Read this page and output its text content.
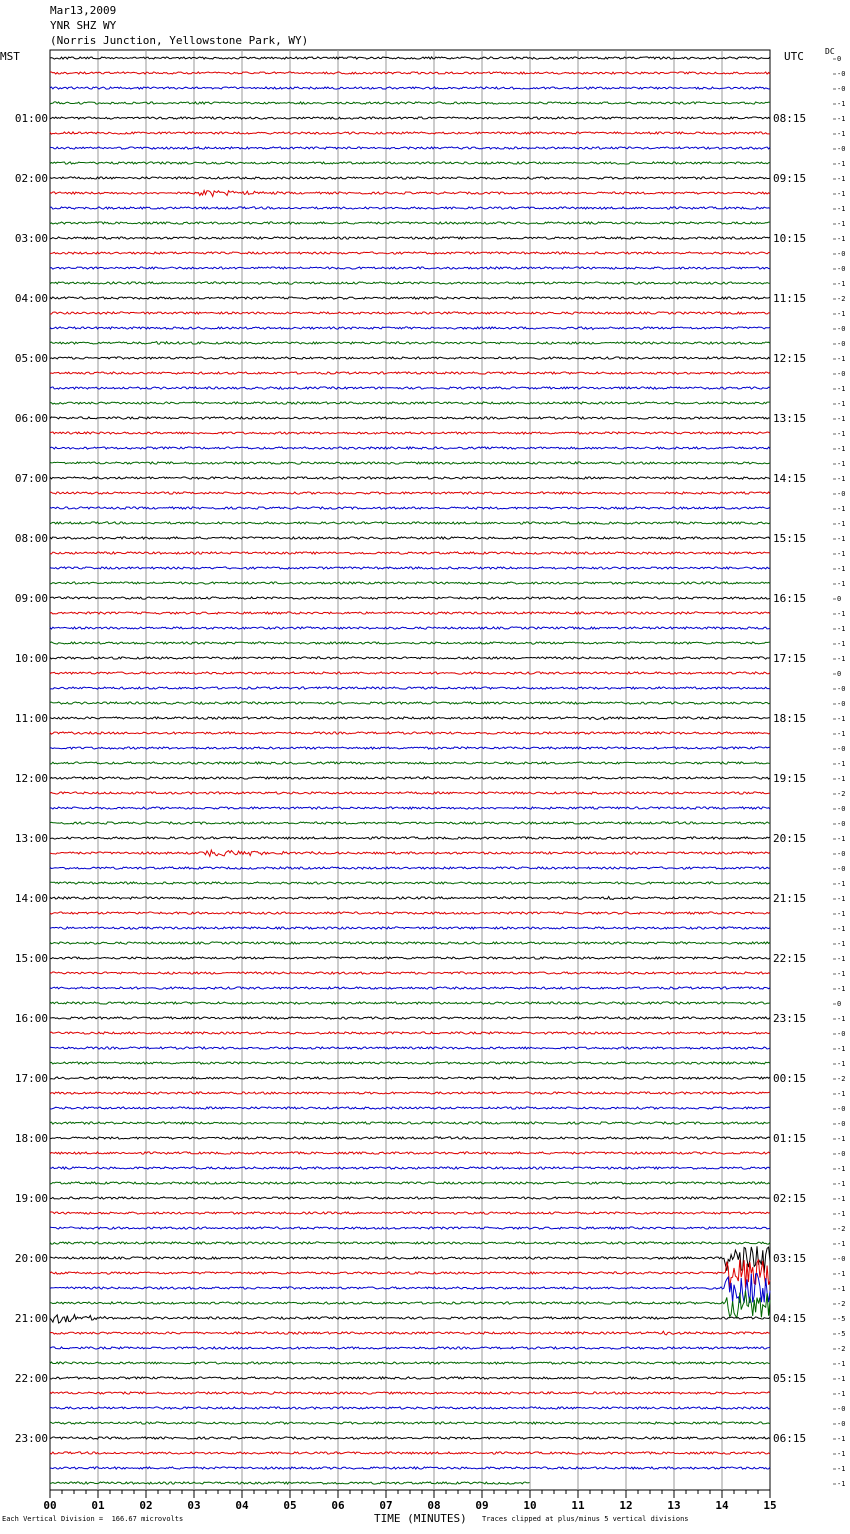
Mar13,2009
YNR SHZ WY
(Norris Junction, Yellowstone Park, WY)
MST	UTC	DC
00	01	02	03	04	05	06	07	08	09	10	11	12	13	14	15
01:00
02:00
03:00
04:00
05:00
06:00
07:00
08:00
09:00
10:00
11:00
12:00
13:00
14:00
15:00
16:00
17:00
18:00
19:00
20:00
21:00
22:00
23:00
08:15
09:15
10:15
11:15
12:15
13:15
14:15
15:15
16:15
17:15
18:15
19:15
20:15
21:15
22:15
23:15
00:15
01:15
02:15
03:15
04:15
05:15
06:15
0
-0
-0
-1
-1
-1
-0
-1
-1
-1
-1
-1
-1
-0
-0
-1
-2
-1
-0
-0
-1
-0
-1
-1
-1
-1
-1
-1
-1
-0
-1
-1
-1
-1
-1
-1
0
-1
-1
-1
-1
0
-0
-0
-1
-1
-0
-1
-1
-2
-0
-0
-1
-0
-0
-1
-1
-1
-1
-1
-1
-1
-1
0
-1
-0
-1
-1
-2
-1
-0
-0
-1
-0
-1
-1
-1
-1
-2
-1
-0
-1
-1
-2
-5
-5
-2
-1
-1
-1
-0
-0
-1
-1
-1
-1
Each Vertical Division =  166.67 microvolts	TIME (MINUTES) Traces clipped at plus/minus 5 vertical divisions
